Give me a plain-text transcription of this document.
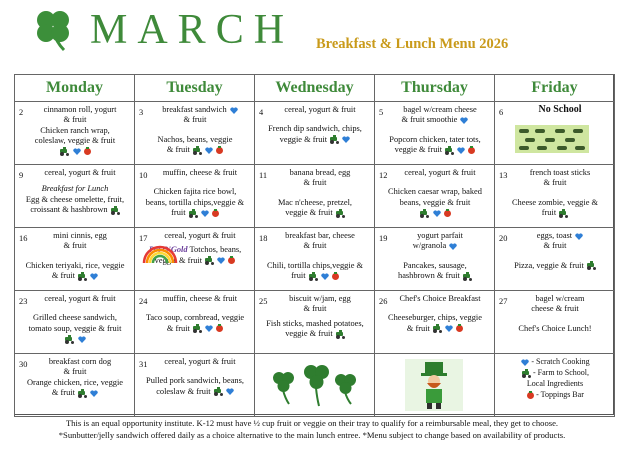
MARCH Breakfast & Lunch Menu 2026
Monday	Tuesday	Wednesday	Thursday	Friday

2 cinnamon roll, yogurt
& fruit
Chicken ranch wrap,
coleslaw, veggie & fruit	3 breakfast sandwich
& fruit
Nachos, beans, veggie
& fruit	4 cereal, yogurt & fruit
French dip sandwich, chips,
veggie & fruit	5 bagel w/cream cheese
& fruit smoothie
Popcorn chicken, tater tots,
veggie & fruit	6 No School

9 cereal, yogurt & fruit
Breakfast for Lunch
Egg & cheese omelette, fruit,
croissant & hashbrown	10 muffin, cheese & fruit
Chicken fajita rice bowl,
beans, tortilla chips,veggie &
fruit	11 banana bread, egg
& fruit
Mac n'cheese, pretzel,
veggie & fruit	12 cereal, yogurt & fruit
Chicken caesar wrap, baked
beans, veggie & fruit	13 french toast sticks
& fruit
Cheese zombie, veggie &
fruit

16 mini cinnis, egg
& fruit
Chicken teriyaki, rice, veggie
& fruit	17 cereal, yogurt & fruit
Pot O'Gold Totchos, beans,
veggie & fruit	18 breakfast bar, cheese
& fruit
Chili, tortilla chips,veggie &
fruit	19 yogurt parfait
w/granola
Pancakes, sausage,
hashbrown & fruit	20 eggs, toast
& fruit
Pizza, veggie & fruit

23 cereal, yogurt & fruit
Grilled cheese sandwich,
tomato soup, veggie & fruit	24 muffin, cheese & fruit
Taco soup, cornbread, veggie
& fruit	25 biscuit w/jam, egg
& fruit
Fish sticks, mashed potatoes,
veggie & fruit	26 Chef's Choice Breakfast
Cheeseburger, chips, veggie
& fruit	27 bagel w/cream
cheese & fruit
Chef's Choice Lunch!

30 breakfast corn dog
& fruit
Orange chicken, rice, veggie
& fruit	31 cereal, yogurt & fruit
Pulled pork sandwich, beans,
coleslaw & fruit			- Scratch Cooking
- Farm to School,
Local Ingredients
- Toppings Bar
This is an equal opportunity institute. K-12 must have ½ cup fruit or veggie on their tray to qualify for a reimbursable meal, they get to choose.
*Sunbutter/jelly sandwich offered daily as a choice alternative to the main lunch entree. *Menu subject to change based on availability of products.
